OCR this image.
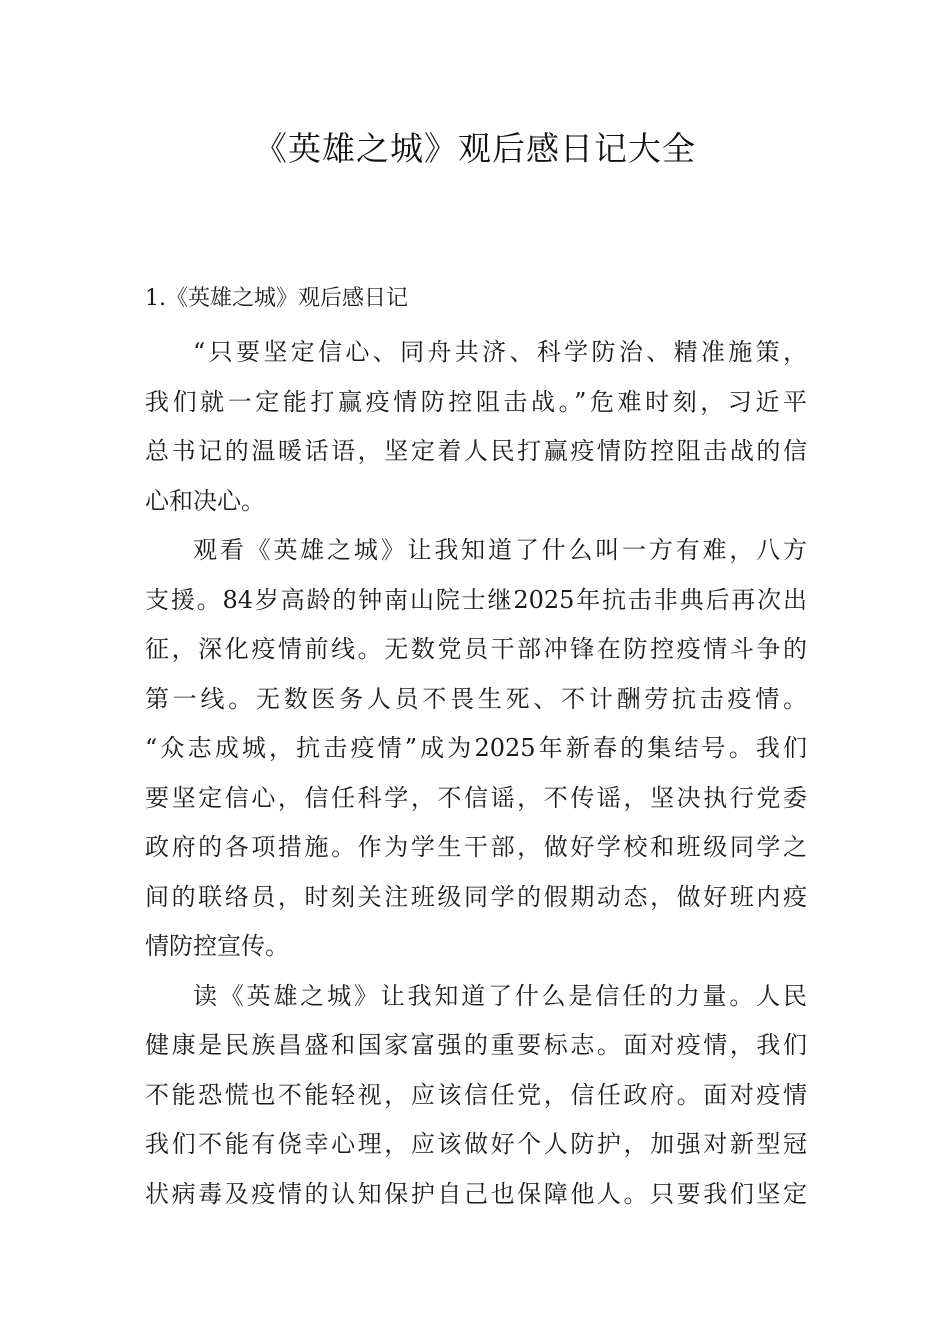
《英雄之城》观后感日记大全
1.《英雄之城》观后感日记
“只要坚定信心、同舟共济、科学防治、精准施策，
我们就一定能打赢疫情防控阻击战。”危难时刻，习近平
总书记的温暖话语，坚定着人民打赢疫情防控阻击战的信
心和决心。
观看《英雄之城》让我知道了什么叫一方有难，八方
支援。84岁高龄的钟南山院士继2025年抗击非典后再次出
征，深化疫情前线。无数党员干部冲锋在防控疫情斗争的
第一线。无数医务人员不畏生死、不计酬劳抗击疫情。
“众志成城，抗击疫情”成为2025年新春的集结号。我们
要坚定信心，信任科学，不信谣，不传谣，坚决执行党委
政府的各项措施。作为学生干部，做好学校和班级同学之
间的联络员，时刻关注班级同学的假期动态，做好班内疫
情防控宣传。
读《英雄之城》让我知道了什么是信任的力量。人民
健康是民族昌盛和国家富强的重要标志。面对疫情，我们
不能恐慌也不能轻视，应该信任党，信任政府。面对疫情
我们不能有侥幸心理，应该做好个人防护，加强对新型冠
状病毒及疫情的认知保护自己也保障他人。只要我们坚定
